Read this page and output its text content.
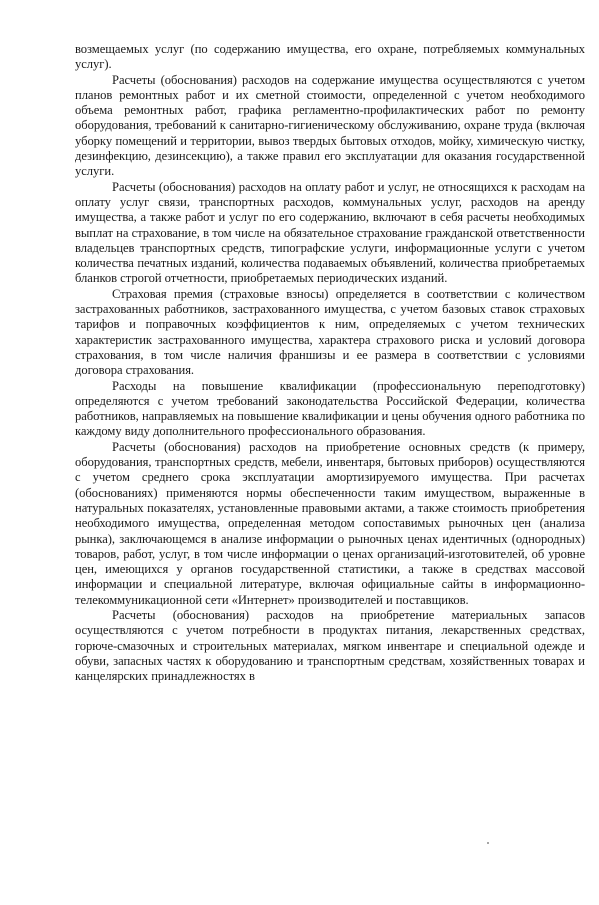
возмещаемых услуг (по содержанию имущества, его охране, потребляемых коммунальных услуг).

Расчеты (обоснования) расходов на содержание имущества осуществляются с учетом планов ремонтных работ и их сметной стоимости, определенной с учетом необходимого объема ремонтных работ, графика регламентно-профилактических работ по ремонту оборудования, требований к санитарно-гигиеническому обслуживанию, охране труда (включая уборку помещений и территории, вывоз твердых бытовых отходов, мойку, химическую чистку, дезинфекцию, дезинсекцию), а также правил его эксплуатации для оказания государственной услуги.

Расчеты (обоснования) расходов на оплату работ и услуг, не относящихся к расходам на оплату услуг связи, транспортных расходов, коммунальных услуг, расходов на аренду имущества, а также работ и услуг по его содержанию, включают в себя расчеты необходимых выплат на страхование, в том числе на обязательное страхование гражданской ответственности владельцев транспортных средств, типографские услуги, информационные услуги с учетом количества печатных изданий, количества подаваемых объявлений, количества приобретаемых бланков строгой отчетности, приобретаемых периодических изданий.

Страховая премия (страховые взносы) определяется в соответствии с количеством застрахованных работников, застрахованного имущества, с учетом базовых ставок страховых тарифов и поправочных коэффициентов к ним, определяемых с учетом технических характеристик застрахованного имущества, характера страхового риска и условий договора страхования, в том числе наличия франшизы и ее размера в соответствии с условиями договора страхования.

Расходы на повышение квалификации (профессиональную переподготовку) определяются с учетом требований законодательства Российской Федерации, количества работников, направляемых на повышение квалификации и цены обучения одного работника по каждому виду дополнительного профессионального образования.

Расчеты (обоснования) расходов на приобретение основных средств (к примеру, оборудования, транспортных средств, мебели, инвентаря, бытовых приборов) осуществляются с учетом среднего срока эксплуатации амортизируемого имущества. При расчетах (обоснованиях) применяются нормы обеспеченности таким имуществом, выраженные в натуральных показателях, установленные правовыми актами, а также стоимость приобретения необходимого имущества, определенная методом сопоставимых рыночных цен (анализа рынка), заключающемся в анализе информации о рыночных ценах идентичных (однородных) товаров, работ, услуг, в том числе информации о ценах организаций-изготовителей, об уровне цен, имеющихся у органов государственной статистики, а также в средствах массовой информации и специальной литературе, включая официальные сайты в информационно-телекоммуникационной сети «Интернет» производителей и поставщиков.

Расчеты (обоснования) расходов на приобретение материальных запасов осуществляются с учетом потребности в продуктах питания, лекарственных средствах, горюче-смазочных и строительных материалах, мягком инвентаре и специальной одежде и обуви, запасных частях к оборудованию и транспортным средствам, хозяйственных товарах и канцелярских принадлежностях в
